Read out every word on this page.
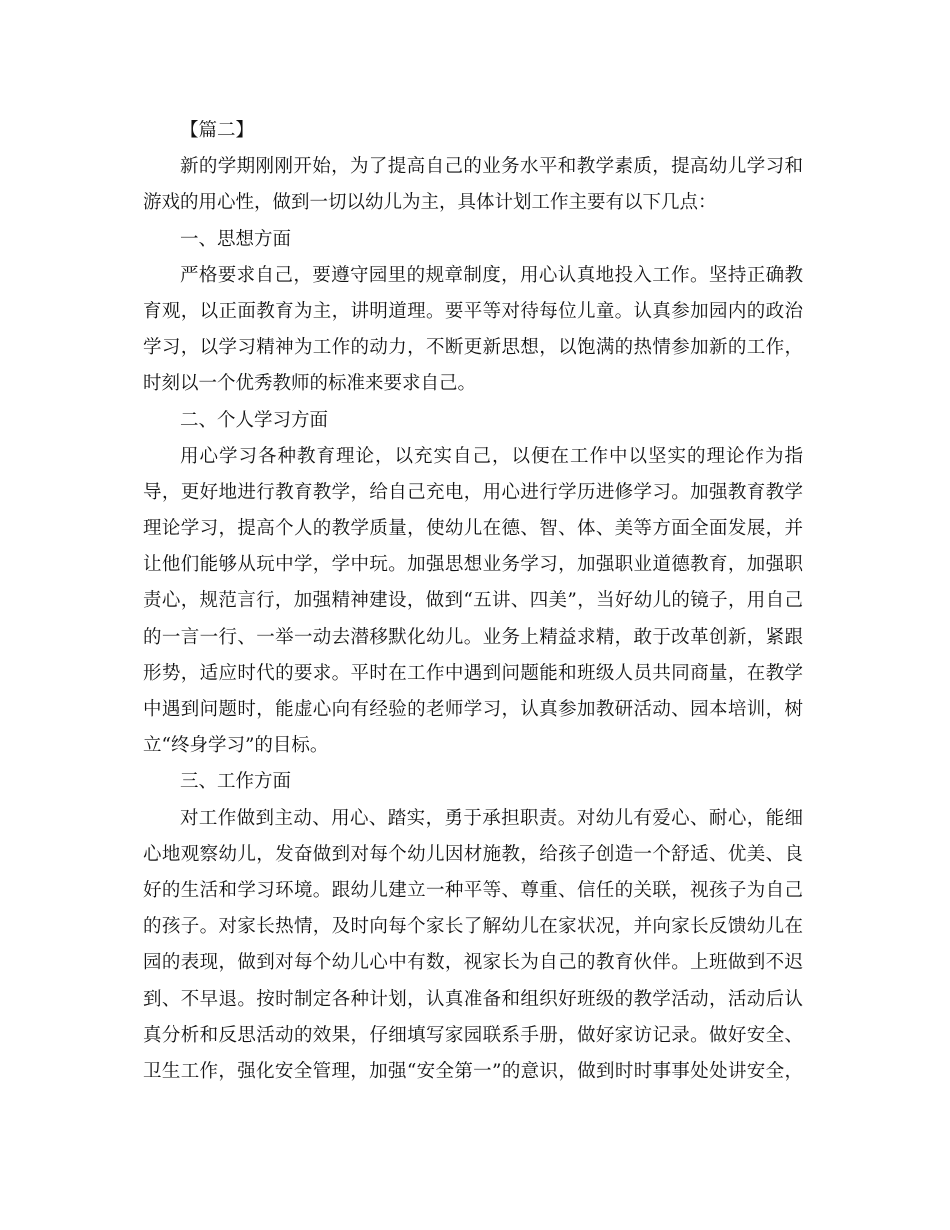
【篇二】
新的学期刚刚开始，为了提高自己的业务水平和教学素质，提高幼儿学习和
游戏的用心性，做到一切以幼儿为主，具体计划工作主要有以下几点：
一、思想方面
严格要求自己，要遵守园里的规章制度，用心认真地投入工作。坚持正确教
育观，以正面教育为主，讲明道理。要平等对待每位儿童。认真参加园内的政治
学习，以学习精神为工作的动力，不断更新思想，以饱满的热情参加新的工作，
时刻以一个优秀教师的标准来要求自己。
二、个人学习方面
用心学习各种教育理论，以充实自己，以便在工作中以坚实的理论作为指
导，更好地进行教育教学，给自己充电，用心进行学历进修学习。加强教育教学
理论学习，提高个人的教学质量，使幼儿在德、智、体、美等方面全面发展，并
让他们能够从玩中学，学中玩。加强思想业务学习，加强职业道德教育，加强职
责心，规范言行，加强精神建设，做到“五讲、四美”，当好幼儿的镜子，用自己
的一言一行、一举一动去潜移默化幼儿。业务上精益求精，敢于改革创新，紧跟
形势，适应时代的要求。平时在工作中遇到问题能和班级人员共同商量，在教学
中遇到问题时，能虚心向有经验的老师学习，认真参加教研活动、园本培训，树
立“终身学习”的目标。
三、工作方面
对工作做到主动、用心、踏实，勇于承担职责。对幼儿有爱心、耐心，能细
心地观察幼儿，发奋做到对每个幼儿因材施教，给孩子创造一个舒适、优美、良
好的生活和学习环境。跟幼儿建立一种平等、尊重、信任的关联，视孩子为自己
的孩子。对家长热情，及时向每个家长了解幼儿在家状况，并向家长反馈幼儿在
园的表现，做到对每个幼儿心中有数，视家长为自己的教育伙伴。上班做到不迟
到、不早退。按时制定各种计划，认真准备和组织好班级的教学活动，活动后认
真分析和反思活动的效果，仔细填写家园联系手册，做好家访记录。做好安全、
卫生工作，强化安全管理，加强“安全第一”的意识，做到时时事事处处讲安全，
